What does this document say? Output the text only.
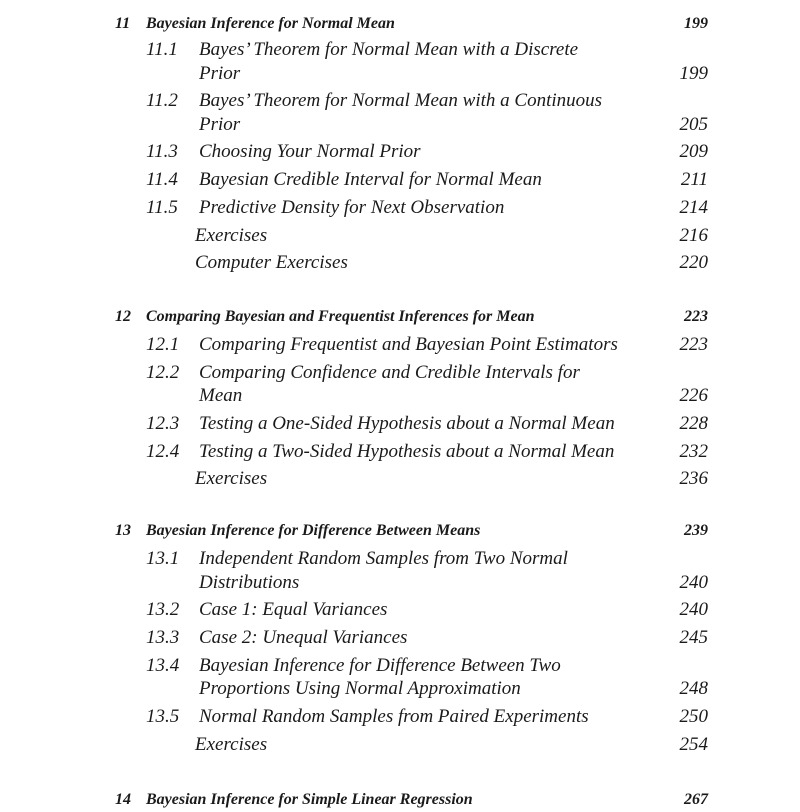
11 Bayesian Inference for Normal Mean	199
11.1 Bayes’ Theorem for Normal Mean with a Discrete
Prior	199
11.2 Bayes’ Theorem for Normal Mean with a Continuous
Prior	205
11.3 Choosing Your Normal Prior	209
11.4 Bayesian Credible Interval for Normal Mean	211
11.5 Predictive Density for Next Observation	214
Exercises	216
Computer Exercises	220
12 Comparing Bayesian and Frequentist Inferences for Mean	223
12.1 Comparing Frequentist and Bayesian Point Estimators	223
12.2 Comparing Confidence and Credible Intervals for
Mean	226
12.3 Testing a One-Sided Hypothesis about a Normal Mean	228
12.4 Testing a Two-Sided Hypothesis about a Normal Mean	232
Exercises	236
13 Bayesian Inference for Difference Between Means	239
13.1 Independent Random Samples from Two Normal
Distributions	240
13.2 Case 1: Equal Variances	240
13.3 Case 2: Unequal Variances	245
13.4 Bayesian Inference for Difference Between Two
Proportions Using Normal Approximation	248
13.5 Normal Random Samples from Paired Experiments	250
Exercises	254
14 Bayesian Inference for Simple Linear Regression	267
